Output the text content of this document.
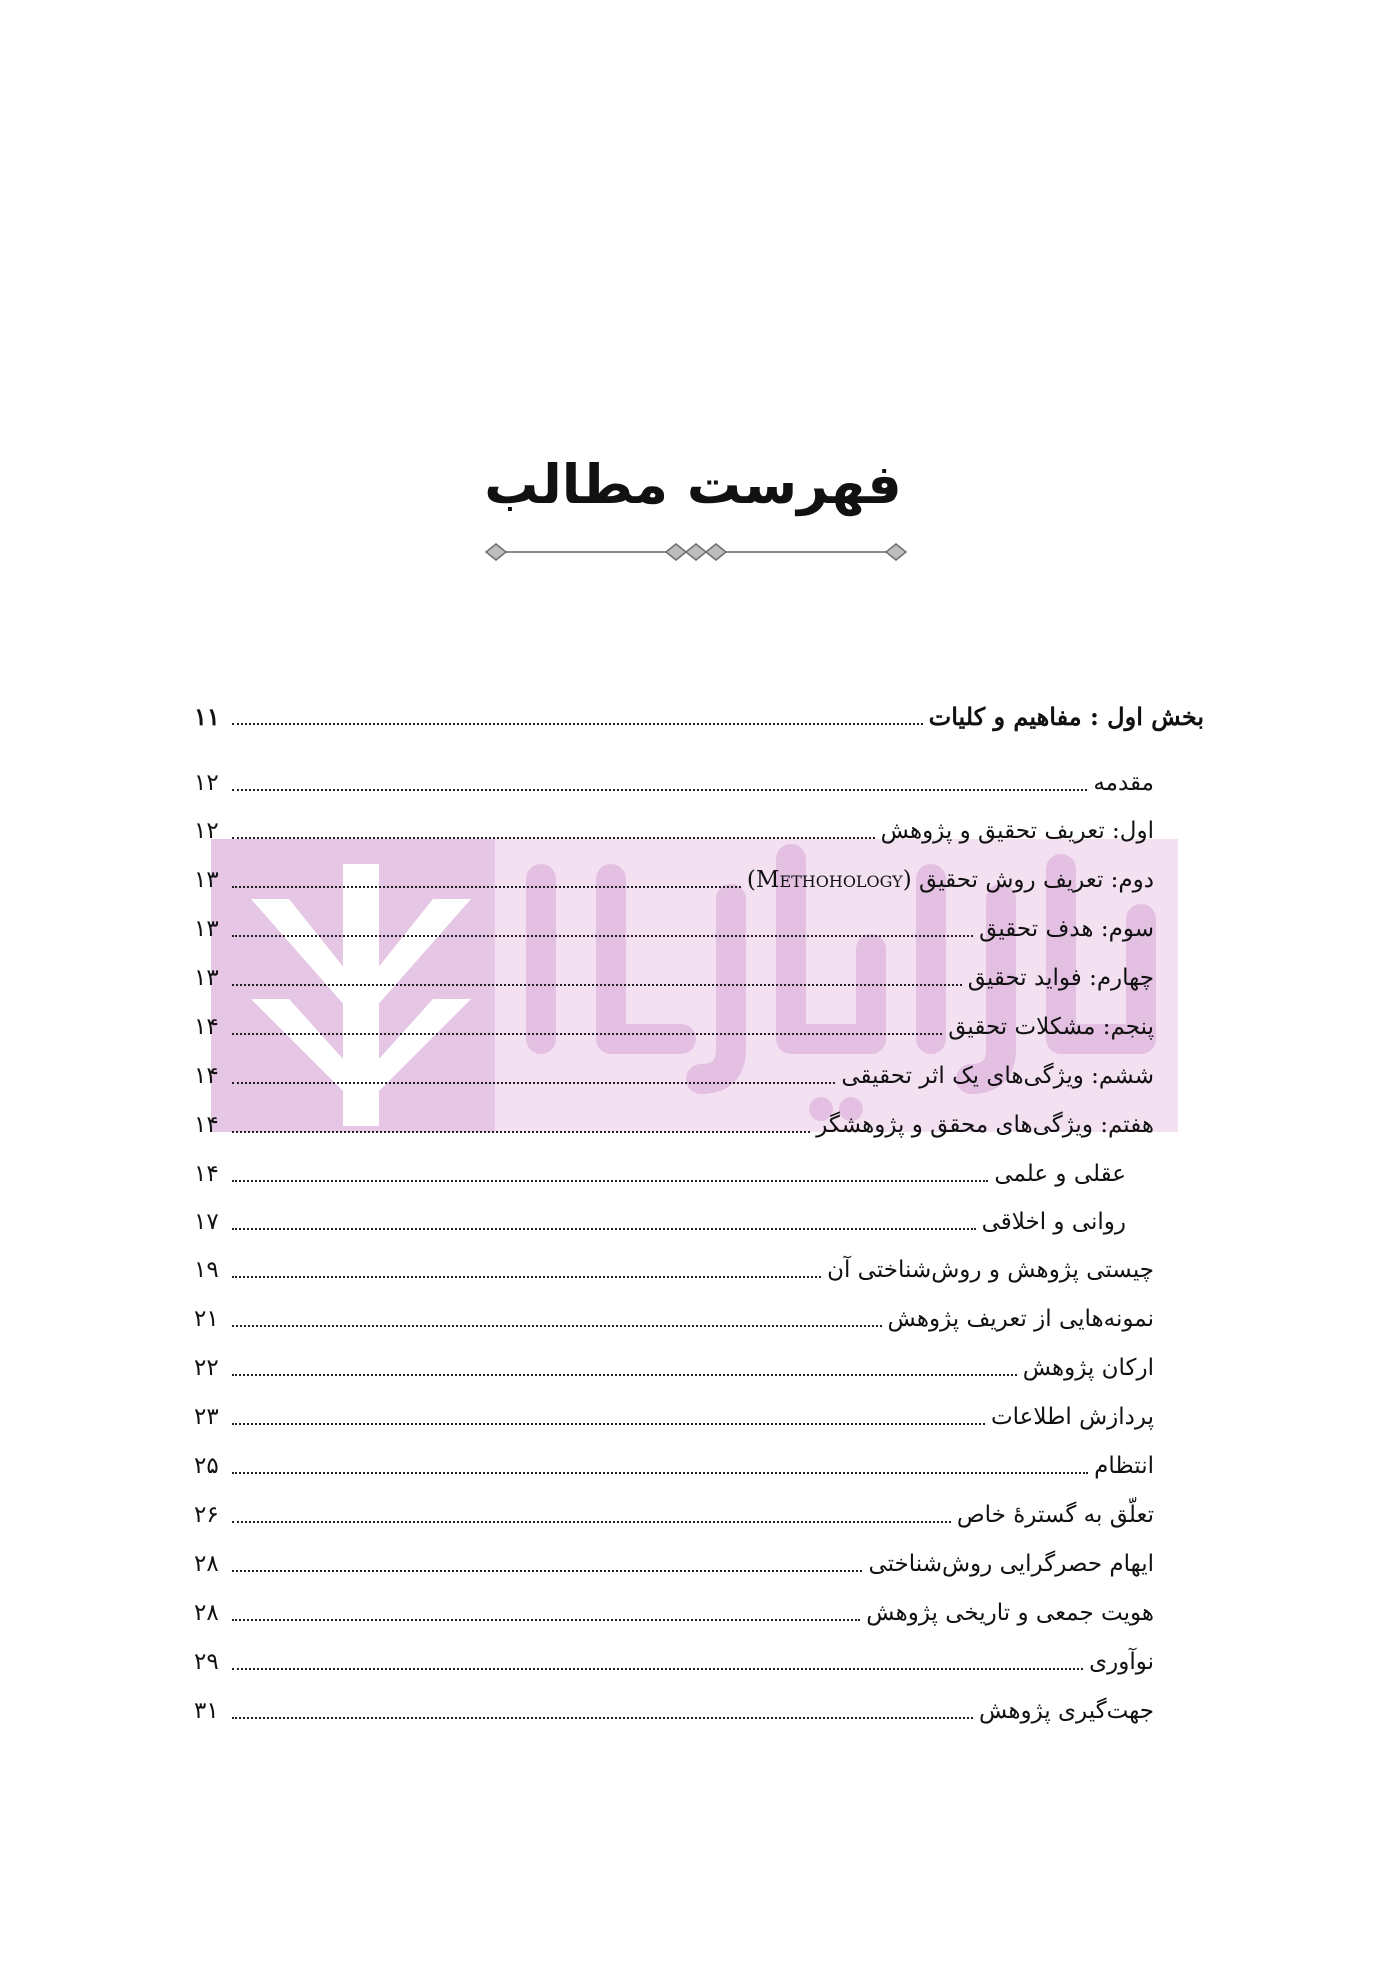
فهرست مطالب
بخش اول : مفاهیم و کلیات
۱۱
مقدمه
۱۲
اول: تعریف تحقیق و پژوهش
۱۲
دوم: تعریف روش تحقیق (Methohology)
۱۳
سوم: هدف تحقیق
۱۳
چهارم: فواید تحقیق
۱۳
پنجم: مشکلات تحقیق
۱۴
ششم: ویژگی‌های یک اثر تحقیقی
۱۴
هفتم: ویژگی‌های محقق و پژوهشگر
۱۴
عقلی و علمی
۱۴
روانی و اخلاقی
۱۷
چیستی پژوهش و روش‌شناختی آن
۱۹
نمونه‌هایی از تعریف پژوهش
۲۱
ارکان پژوهش
۲۲
پردازش اطلاعات
۲۳
انتظام
۲۵
تعلّق به گسترۀ خاص
۲۶
ایهام حصرگرایی روش‌شناختی
۲۸
هویت جمعی و تاریخی پژوهش
۲۸
نوآوری
۲۹
جهت‌گیری پژوهش
۳۱
